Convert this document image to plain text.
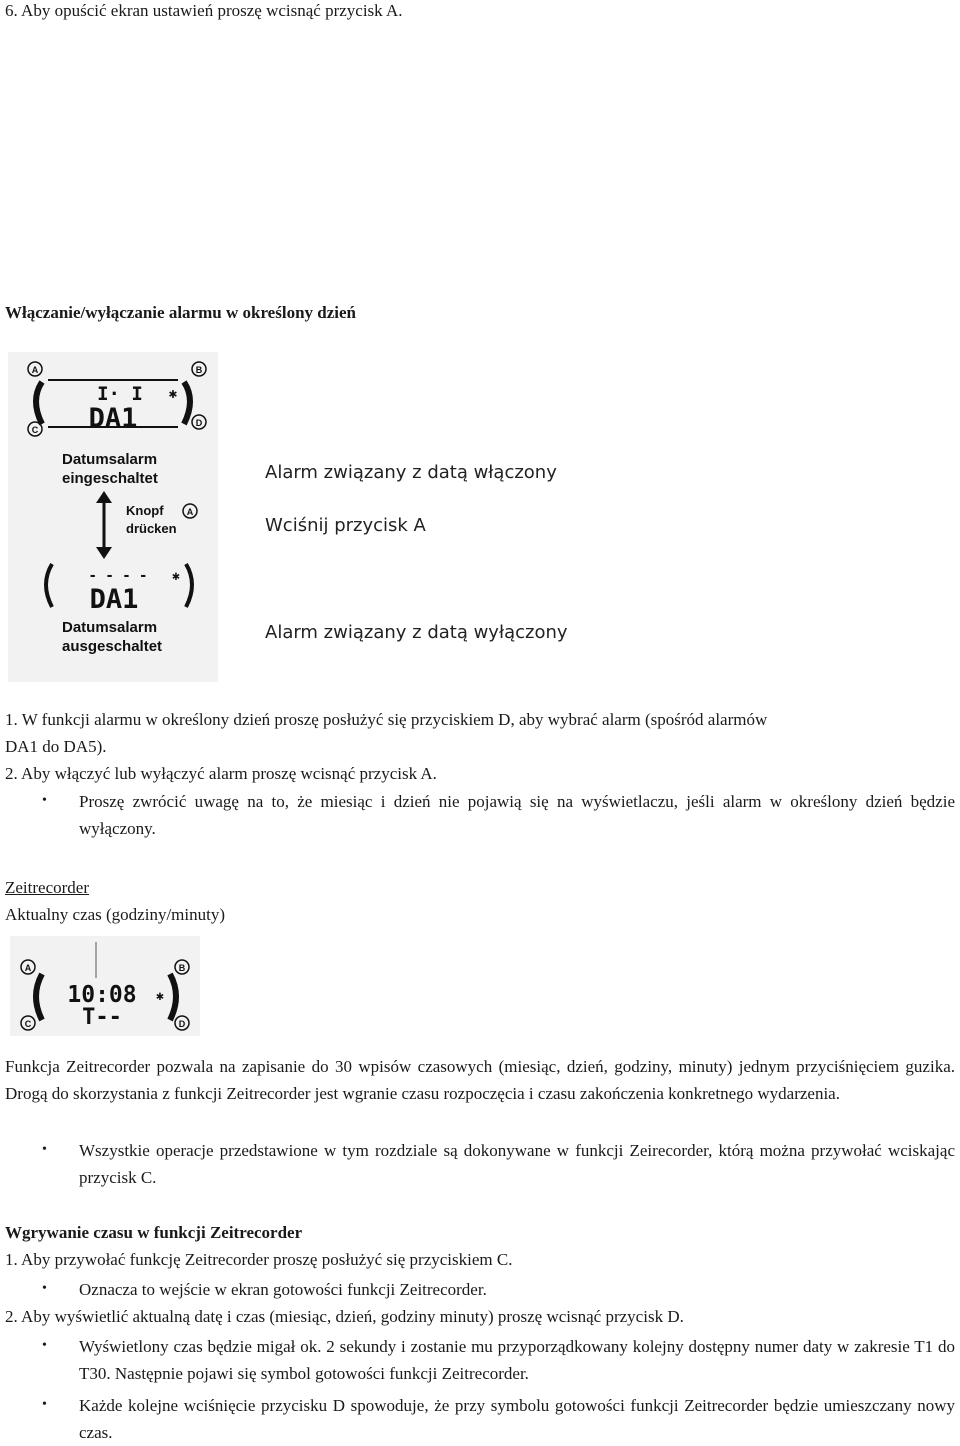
6. Aby opuścić ekran ustawień proszę wcisnąć przycisk A.
Włączanie/wyłączanie alarmu w określony dzień
A	B
C
D
I· I ✱
DA1
Datumsalarm
eingeschaltet
Knopf	A
drücken
- - - - ✱
DA1
Datumsalarm
ausgeschaltet
Alarm związany z datą włączony
Wciśnij przycisk A
Alarm związany z datą wyłączony
1. W funkcji alarmu w określony dzień proszę posłużyć się przyciskiem D, aby wybrać alarm (spośród alarmów
DA1 do DA5).
2. Aby włączyć lub wyłączyć alarm proszę wcisnąć przycisk A.
• Proszę zwrócić uwagę na to, że miesiąc i dzień nie pojawią się na wyświetlaczu, jeśli alarm w określony dzień będzie wyłączony.
Zeitrecorder
Aktualny czas (godziny/minuty)
A	B
C	D
10:08 ✱
T--
Funkcja Zeitrecorder pozwala na zapisanie do 30 wpisów czasowych (miesiąc, dzień, godziny, minuty) jednym przyciśnięciem guzika. Drogą do skorzystania z funkcji Zeitrecorder jest wgranie czasu rozpoczęcia i czasu zakończenia konkretnego wydarzenia.
• Wszystkie operacje przedstawione w tym rozdziale są dokonywane w funkcji Zeirecorder, którą można przywołać wciskając przycisk C.
Wgrywanie czasu w funkcji Zeitrecorder
1. Aby przywołać funkcję Zeitrecorder proszę posłużyć się przyciskiem C.
• Oznacza to wejście w ekran gotowości funkcji Zeitrecorder.
2. Aby wyświetlić aktualną datę i czas (miesiąc, dzień, godziny minuty) proszę wcisnąć przycisk D.
• Wyświetlony czas będzie migał ok. 2 sekundy i zostanie mu przyporządkowany kolejny dostępny numer daty w zakresie T1 do T30. Następnie pojawi się symbol gotowości funkcji Zeitrecorder.
• Każde kolejne wciśnięcie przycisku D spowoduje, że przy symbolu gotowości funkcji Zeitrecorder będzie umieszczany nowy czas.
